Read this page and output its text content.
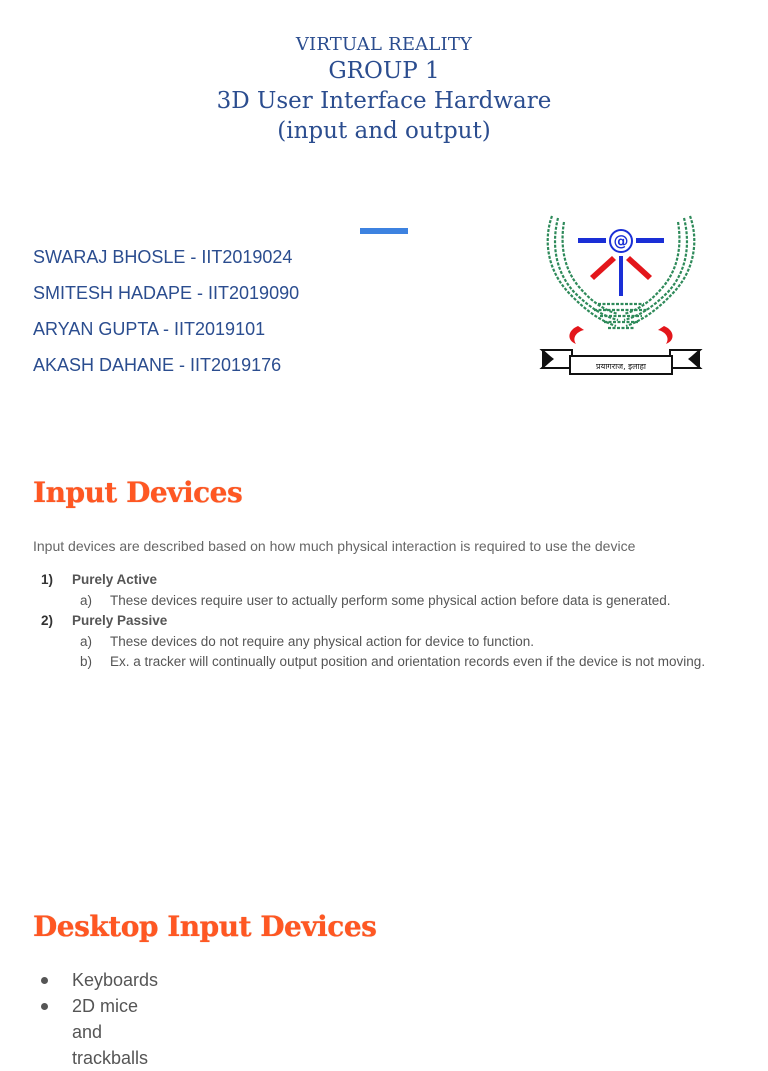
VIRTUAL REALITY
GROUP 1
3D User Interface Hardware
(input and output)
SWARAJ BHOSLE - IIT2019024
SMITESH HADAPE - IIT2019090
ARYAN GUPTA - IIT2019101
AKASH DAHANE - IIT2019176
@
प्रयागराज, इलाहा
Input Devices
Input devices are described based on how much physical interaction is required to use the device
1) Purely Active
a) These devices require user to actually perform some physical action before data is generated.
2) Purely Passive
a) These devices do not require any physical action for device to function.
b) Ex. a tracker will continually output position and orientation records even if the device is not moving.
Desktop Input Devices
Keyboards
2D mice and trackballs
